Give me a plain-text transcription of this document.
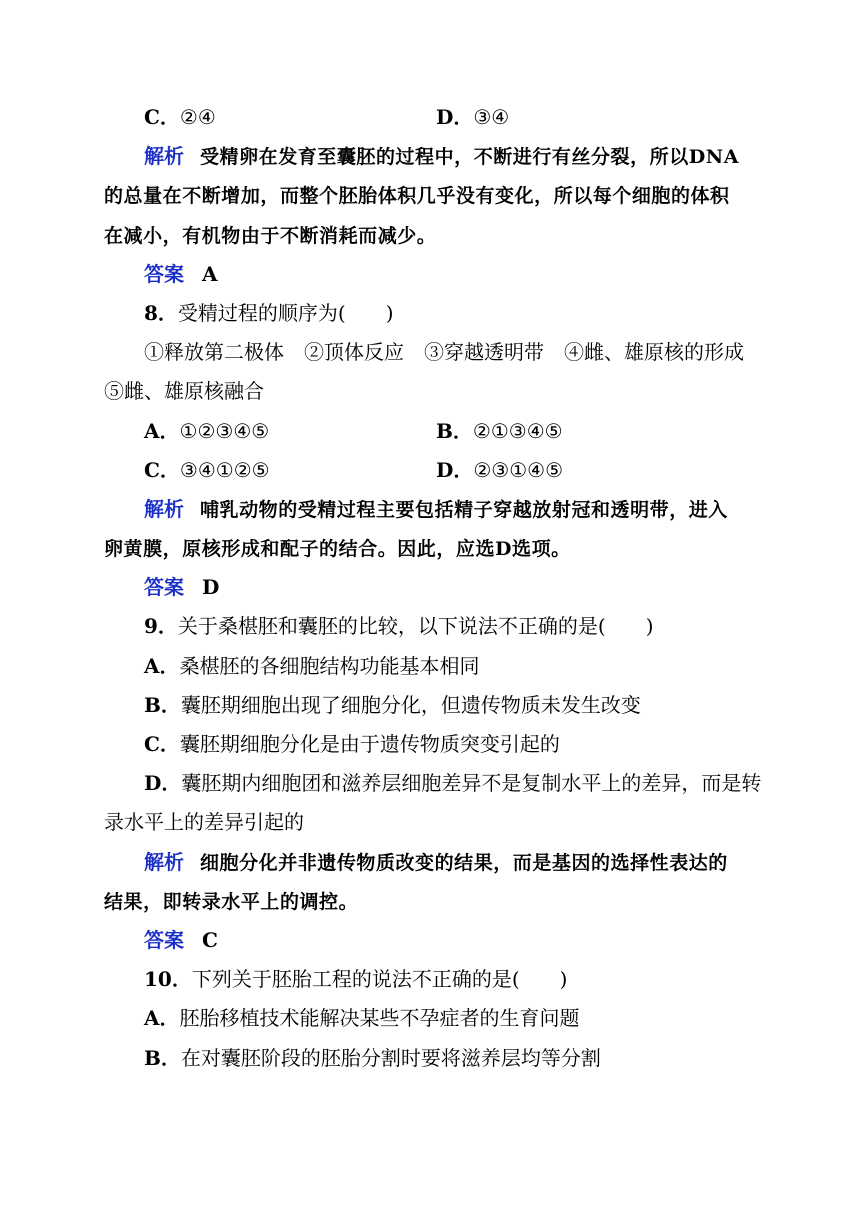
C．②④	D．③④
解析 受精卵在发育至囊胚的过程中，不断进行有丝分裂，所以DNA
的总量在不断增加，而整个胚胎体积几乎没有变化，所以每个细胞的体积
在减小，有机物由于不断消耗而减少。
答案 A
8．受精过程的顺序为(　　)
①释放第二极体　②顶体反应　③穿越透明带　④雌、雄原核的形成
⑤雌、雄原核融合
A．①②③④⑤	B．②①③④⑤
C．③④①②⑤	D．②③①④⑤
解析 哺乳动物的受精过程主要包括精子穿越放射冠和透明带，进入
卵黄膜，原核形成和配子的结合。因此，应选D选项。
答案 D
9．关于桑椹胚和囊胚的比较，以下说法不正确的是(　　)
A．桑椹胚的各细胞结构功能基本相同
B．囊胚期细胞出现了细胞分化，但遗传物质未发生改变
C．囊胚期细胞分化是由于遗传物质突变引起的
D．囊胚期内细胞团和滋养层细胞差异不是复制水平上的差异，而是转
录水平上的差异引起的
解析 细胞分化并非遗传物质改变的结果，而是基因的选择性表达的
结果，即转录水平上的调控。
答案 C
10．下列关于胚胎工程的说法不正确的是(　　)
A．胚胎移植技术能解决某些不孕症者的生育问题
B．在对囊胚阶段的胚胎分割时要将滋养层均等分割
